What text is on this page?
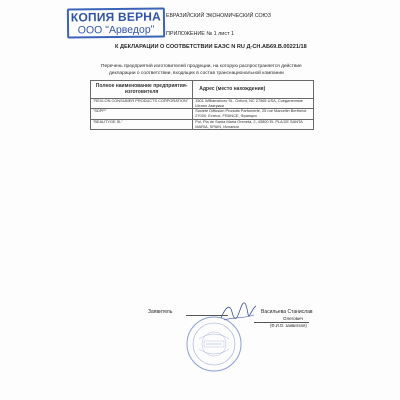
КОПИЯ ВЕРНА
ООО "Арведор"
ЕВРАЗИЙСКИЙ ЭКОНОМИЧЕСКИЙ СОЮЗ
ПРИЛОЖЕНИЕ № 1 лист 1
К ДЕКЛАРАЦИИ О СООТВЕТСТВИИ ЕАЭС N RU Д-CH.AБ69.B.00221/18
Перечень предприятий изготовителей продукции, на которую распространяется действие
декларации о соответствии, входящих в состав транснациональной компании
Полное наименование предприятия-изготовителя	Адрес (место нахождения)
"REVLON CONSUMER PRODUCTS CORPORATION"	1501 Williamsboro St., Oxford, NC 27565 USA, Соединенные Штаты Америки
"SDPP"	Société Diffusion Produits Parfumerie, 25 rue Marcellin Berthelot 27000, Evreux, FRANCE, Франция
"BEAUTYGE SL"	Pol. Pla de Santa Maria Orenetà, 2, 43800 EL PLA DE SANTA MARIA, SPAIN, Испания
Заявитель	Васильева Станислав
Олегович
(Ф.И.О. заявителя)
